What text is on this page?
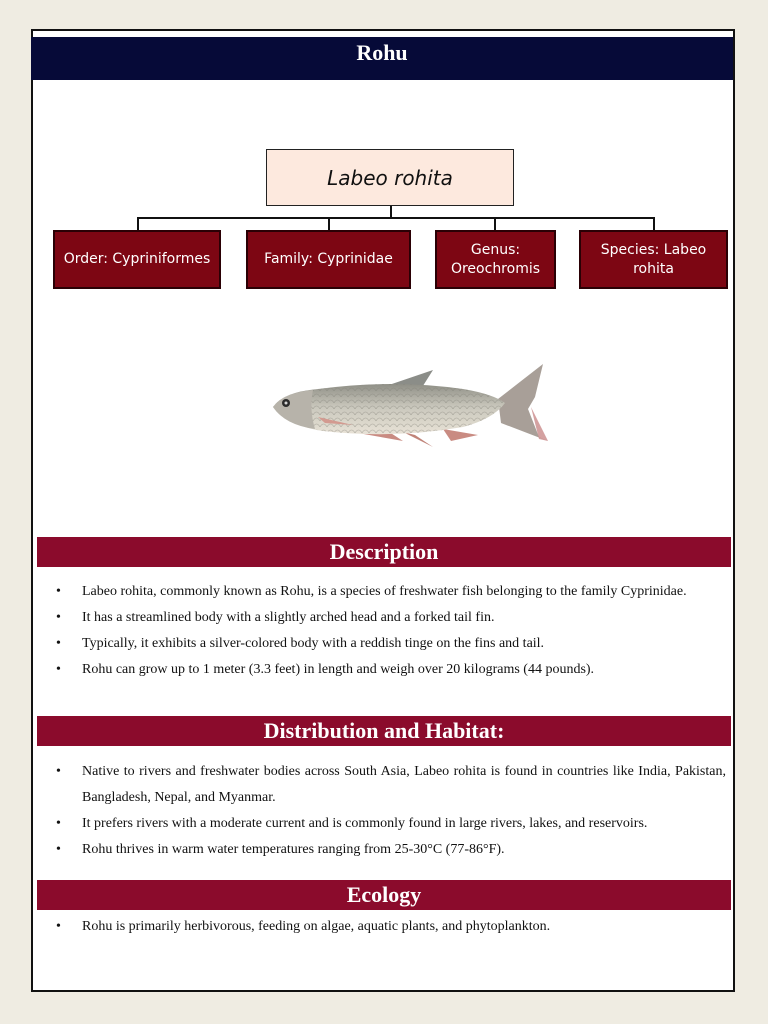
Rohu
Labeo rohita
Order: Cypriniformes	Family: Cyprinidae
Genus: Oreochromis
Species: Labeo rohita
Description
• Labeo rohita, commonly known as Rohu, is a species of freshwater fish belonging to the family Cyprinidae.
• It has a streamlined body with a slightly arched head and a forked tail fin.
• Typically, it exhibits a silver-colored body with a reddish tinge on the fins and tail.
• Rohu can grow up to 1 meter (3.3 feet) in length and weigh over 20 kilograms (44 pounds).
Distribution and Habitat:
• Native to rivers and freshwater bodies across South Asia, Labeo rohita is found in countries like India, Pakistan, Bangladesh, Nepal, and Myanmar.
• It prefers rivers with a moderate current and is commonly found in large rivers, lakes, and reservoirs.
• Rohu thrives in warm water temperatures ranging from 25-30°C (77-86°F).
Ecology
• Rohu is primarily herbivorous, feeding on algae, aquatic plants, and phytoplankton.
